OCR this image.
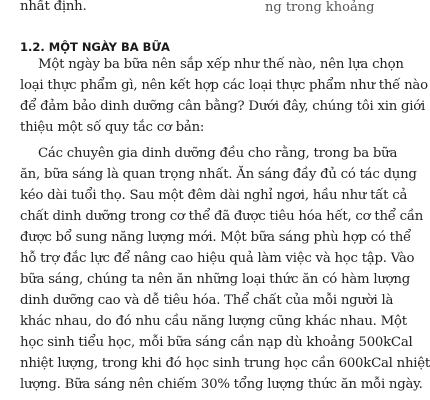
ng trong khoảng
nhất định.
1.2. MỘT NGÀY BA BỮA
Một ngày ba bữa nên sắp xếp như thế nào, nên lựa chọn
loại thực phẩm gì, nên kết hợp các loại thực phẩm như thế nào
để đảm bảo dinh dưỡng cân bằng? Dưới đây, chúng tôi xin giới
thiệu một số quy tắc cơ bản:
Các chuyên gia dinh dưỡng đều cho rằng, trong ba bữa
ăn, bữa sáng là quan trọng nhất. Ăn sáng đầy đủ có tác dụng
kéo dài tuổi thọ. Sau một đêm dài nghỉ ngơi, hầu như tất cả
chất dinh dưỡng trong cơ thể đã được tiêu hóa hết, cơ thể cần
được bổ sung năng lượng mới. Một bữa sáng phù hợp có thể
hỗ trợ đắc lực để nâng cao hiệu quả làm việc và học tập. Vào
bữa sáng, chúng ta nên ăn những loại thức ăn có hàm lượng
dinh dưỡng cao và dễ tiêu hóa. Thể chất của mỗi người là
khác nhau, do đó nhu cầu năng lượng cũng khác nhau. Một
học sinh tiểu học, mỗi bữa sáng cần nạp dù khoảng 500kCal
nhiệt lượng, trong khi đó học sinh trung học cần 600kCal nhiệt
lượng. Bữa sáng nên chiếm 30% tổng lượng thức ăn mỗi ngày.
